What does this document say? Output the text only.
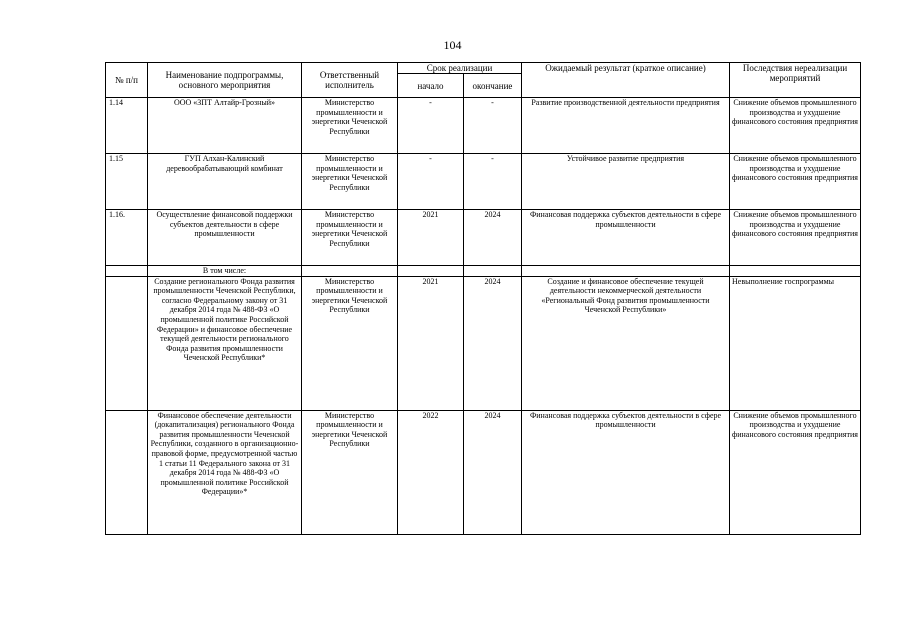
104
№ п/п	Наименование подпрограммы, основного мероприятия	Ответственный исполнитель	Срок реализации		Ожидаемый результат (краткое описание)	Последствия нереализации мероприятий
			начало	окончание		
1.14	ООО «ЗПТ Алтайр-Грозный»	Министерство промышленности и энергетики Чеченской Республики	-	-	Развитие производственной деятельности предприятия	Снижение объемов промышленного производства и ухудшение финансового состояния предприятия
1.15	ГУП Алхан-Калинский деревообрабатывающий комбинат	Министерство промышленности и энергетики Чеченской Республики	-	-	Устойчивое развитие предприятия	Снижение объемов промышленного производства и ухудшение финансового состояния предприятия
1.16.	Осуществление финансовой поддержки субъектов деятельности в сфере промышленности	Министерство промышленности и энергетики Чеченской Республики	2021	2024	Финансовая поддержка субъектов деятельности в сфере промышленности	Снижение объемов промышленного производства и ухудшение финансового состояния предприятия
	В том числе:					
	Создание регионального Фонда развития промышленности Чеченской Республики, согласно Федеральному закону от 31 декабря 2014 года № 488-ФЗ «О промышленной политике Российской Федерации» и финансовое обеспечение текущей деятельности регионального Фонда развития промышленности Чеченской Республики*	Министерство промышленности и энергетики Чеченской Республики	2021	2024	Создание и финансовое обеспечение текущей деятельности некоммерческой деятельности «Региональный Фонд развития промышленности Чеченской Республики»	Невыполнение госпрограммы
	Финансовое обеспечение деятельности (докапитализация) регионального Фонда развития промышленности Чеченской Республики, созданного в организационно-правовой форме, предусмотренной частью 1 статьи 11 Федерального закона от 31 декабря 2014 года № 488-ФЗ «О промышленной политике Российской Федерации»*	Министерство промышленности и энергетики Чеченской Республики	2022	2024	Финансовая поддержка субъектов деятельности в сфере промышленности	Снижение объемов промышленного производства и ухудшение финансового состояния предприятия
